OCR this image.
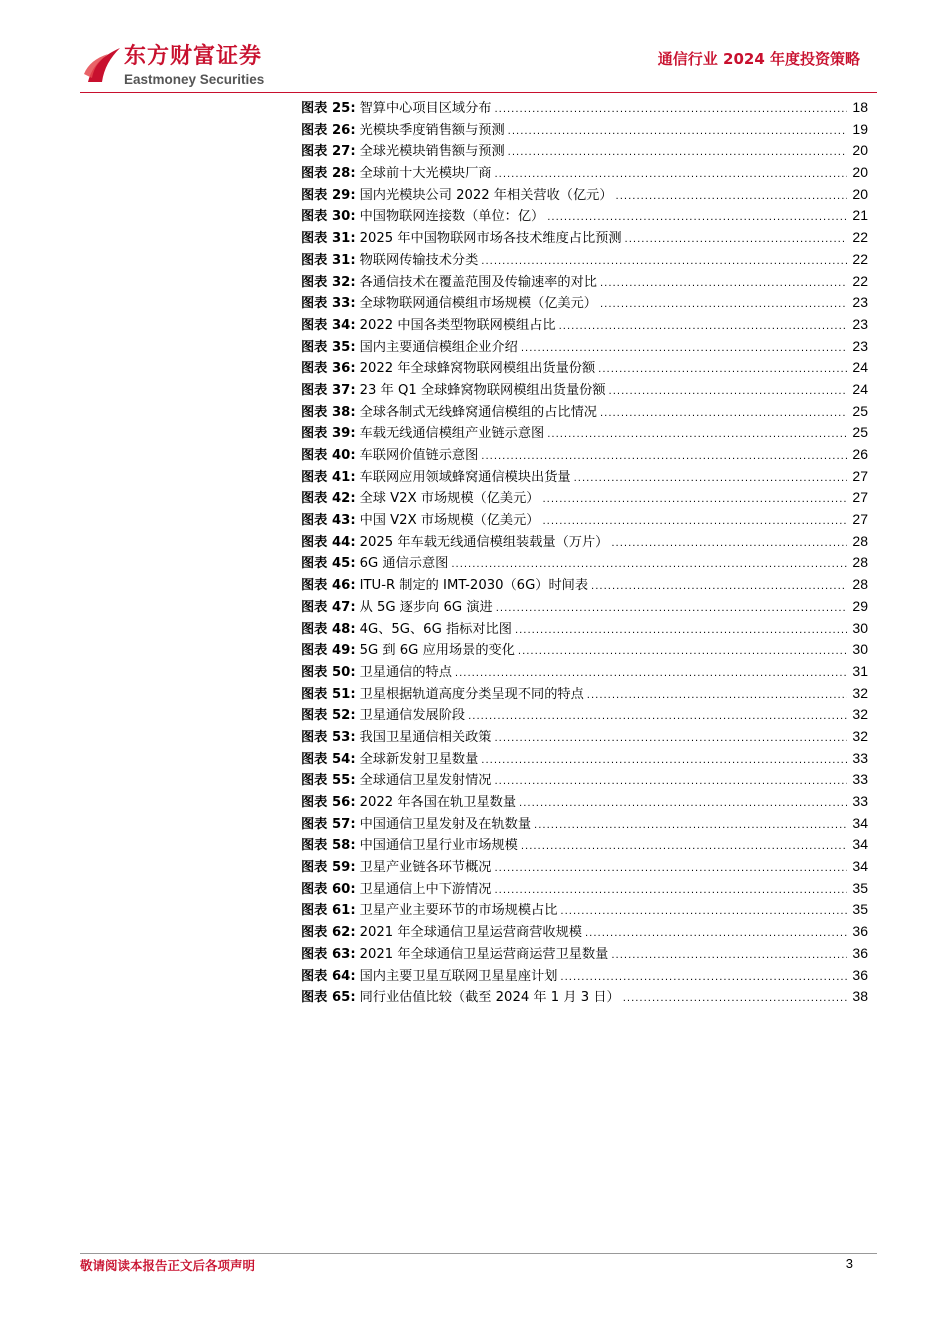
东方财富证券
Eastmoney Securities
通信行业 2024 年度投资策略
图表 25: 智算中心项目区域分布 .....	18
图表 26: 光模块季度销售额与预测 .....	19
图表 27: 全球光模块销售额与预测 .....	20
图表 28: 全球前十大光模块厂商 .....	20
图表 29: 国内光模块公司 2022 年相关营收（亿元） .....	20
图表 30: 中国物联网连接数（单位：亿） .....	21
图表 31: 2025 年中国物联网市场各技术维度占比预测 .....	22
图表 31: 物联网传输技术分类 .....	22
图表 32: 各通信技术在覆盖范围及传输速率的对比 .....	22
图表 33: 全球物联网通信模组市场规模（亿美元） .....	23
图表 34: 2022 中国各类型物联网模组占比 .....	23
图表 35: 国内主要通信模组企业介绍 .....	23
图表 36: 2022 年全球蜂窝物联网模组出货量份额 .....	24
图表 37: 23 年 Q1 全球蜂窝物联网模组出货量份额 .....	24
图表 38: 全球各制式无线蜂窝通信模组的占比情况 .....	25
图表 39: 车载无线通信模组产业链示意图 .....	25
图表 40: 车联网价值链示意图 .....	26
图表 41: 车联网应用领域蜂窝通信模块出货量 .....	27
图表 42: 全球 V2X 市场规模（亿美元） .....	27
图表 43: 中国 V2X 市场规模（亿美元） .....	27
图表 44: 2025 年车载无线通信模组装载量（万片） .....	28
图表 45: 6G 通信示意图 .....	28
图表 46: ITU-R 制定的 IMT-2030（6G）时间表 .....	28
图表 47: 从 5G 逐步向 6G 演进 .....	29
图表 48: 4G、5G、6G 指标对比图 .....	30
图表 49: 5G 到 6G 应用场景的变化 .....	30
图表 50: 卫星通信的特点 .....	31
图表 51: 卫星根据轨道高度分类呈现不同的特点 .....	32
图表 52: 卫星通信发展阶段 .....	32
图表 53: 我国卫星通信相关政策 .....	32
图表 54: 全球新发射卫星数量 .....	33
图表 55: 全球通信卫星发射情况 .....	33
图表 56: 2022 年各国在轨卫星数量 .....	33
图表 57: 中国通信卫星发射及在轨数量 .....	34
图表 58: 中国通信卫星行业市场规模 .....	34
图表 59: 卫星产业链各环节概况 .....	34
图表 60: 卫星通信上中下游情况 .....	35
图表 61: 卫星产业主要环节的市场规模占比 .....	35
图表 62: 2021 年全球通信卫星运营商营收规模 .....	36
图表 63: 2021 年全球通信卫星运营商运营卫星数量 .....	36
图表 64: 国内主要卫星互联网卫星星座计划 .....	36
图表 65: 同行业估值比较（截至 2024 年 1 月 3 日） .....	38
敬请阅读本报告正文后各项声明	3
